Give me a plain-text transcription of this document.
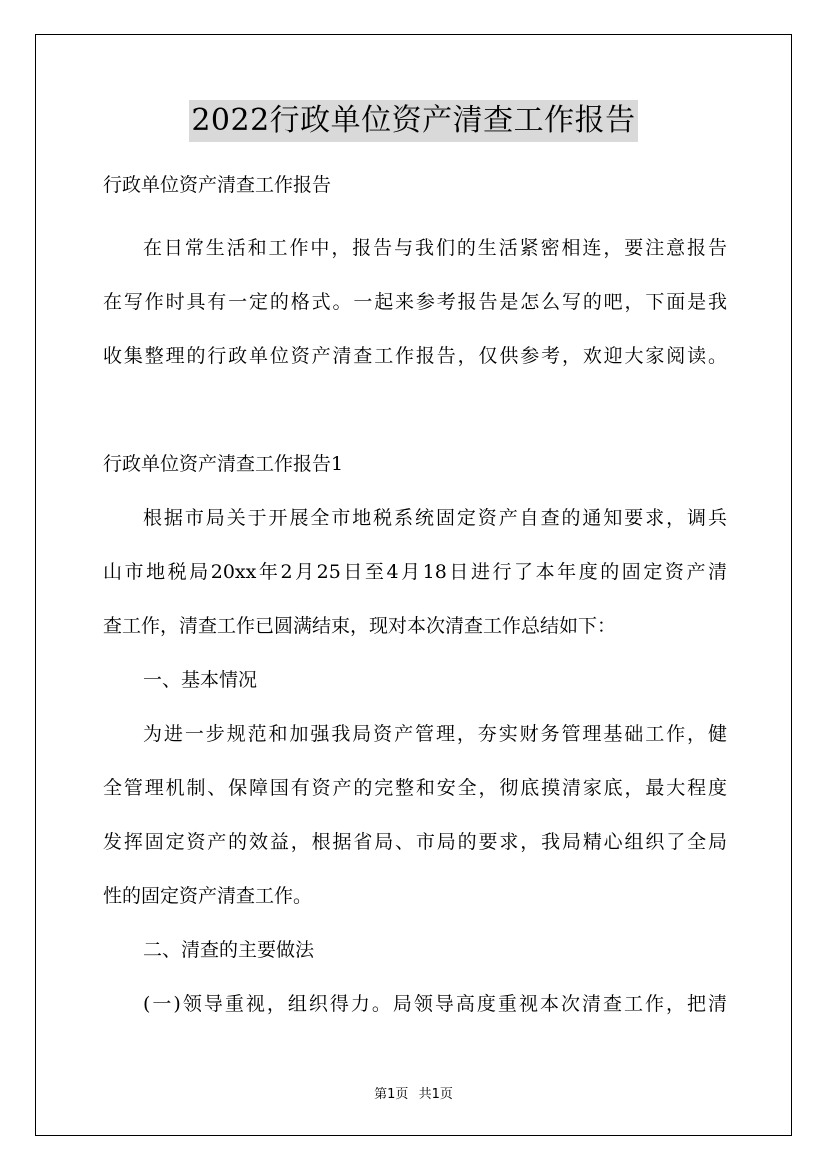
2022行政单位资产清查工作报告
行政单位资产清查工作报告
在日常生活和工作中，报告与我们的生活紧密相连，要注意报告
在写作时具有一定的格式。一起来参考报告是怎么写的吧，下面是我
收集整理的行政单位资产清查工作报告，仅供参考，欢迎大家阅读。
行政单位资产清查工作报告1
根据市局关于开展全市地税系统固定资产自查的通知要求，调兵
山市地税局20xx年2月25日至4月18日进行了本年度的固定资产清
查工作，清查工作已圆满结束，现对本次清查工作总结如下：
一、基本情况
为进一步规范和加强我局资产管理，夯实财务管理基础工作，健
全管理机制、保障国有资产的完整和安全，彻底摸清家底，最大程度
发挥固定资产的效益，根据省局、市局的要求，我局精心组织了全局
性的固定资产清查工作。
二、清查的主要做法
(一)领导重视，组织得力。局领导高度重视本次清查工作，把清
第1页 共1页
